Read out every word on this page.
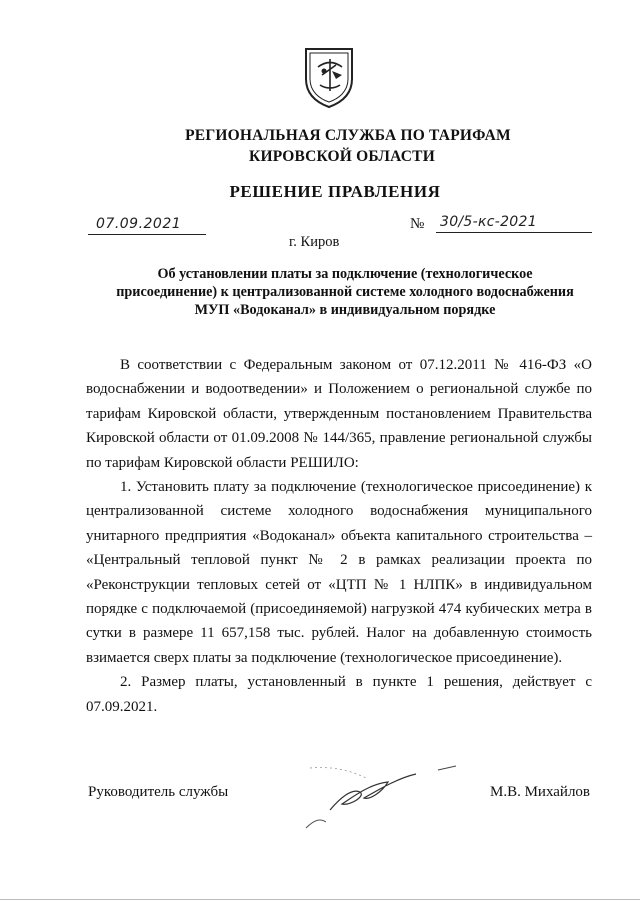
РЕГИОНАЛЬНАЯ СЛУЖБА ПО ТАРИФАМ
КИРОВСКОЙ ОБЛАСТИ
РЕШЕНИЕ ПРАВЛЕНИЯ
07.09.2021	№ 30/5-кс-2021
г. Киров
Об установлении платы за подключение (технологическое
присоединение) к централизованной системе холодного водоснабжения
МУП «Водоканал» в индивидуальном порядке

В соответствии с Федеральным законом от 07.12.2011 № 416-ФЗ «О водоснабжении и водоотведении» и Положением о региональной службе по тарифам Кировской области, утвержденным постановлением Правительства Кировской области от 01.09.2008 № 144/365, правление региональной службы по тарифам Кировской области РЕШИЛО:

1. Установить плату за подключение (технологическое присоединение) к централизованной системе холодного водоснабжения муниципального унитарного предприятия «Водоканал» объекта капитального строительства – «Центральный тепловой пункт № 2 в рамках реализации проекта по «Реконструкции тепловых сетей от «ЦТП № 1 НЛПК» в индивидуальном порядке с подключаемой (присоединяемой) нагрузкой 474 кубических метра в сутки в размере 11 657,158 тыс. рублей. Налог на добавленную стоимость взимается сверх платы за подключение (технологическое присоединение).

2. Размер платы, установленный в пункте 1 решения, действует с 07.09.2021.

Руководитель службы	М.В. Михайлов
